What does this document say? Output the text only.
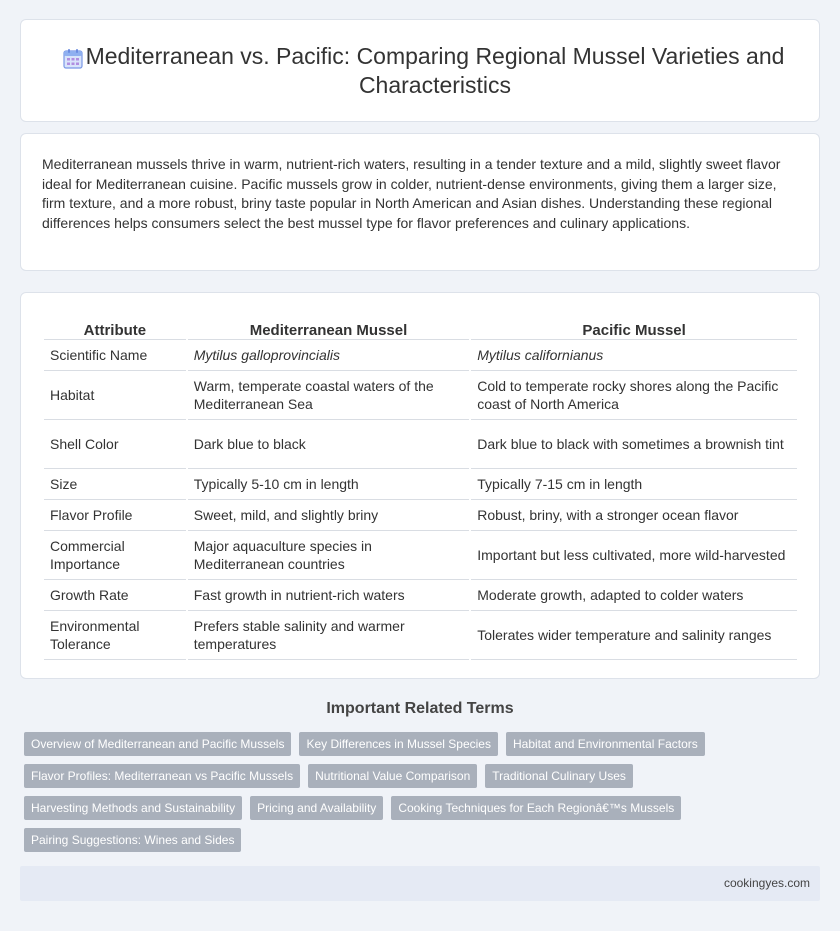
Mediterranean vs. Pacific: Comparing Regional Mussel Varieties and Characteristics

Mediterranean mussels thrive in warm, nutrient-rich waters, resulting in a tender texture and a mild, slightly sweet flavor ideal for Mediterranean cuisine. Pacific mussels grow in colder, nutrient-dense environments, giving them a larger size, firm texture, and a more robust, briny taste popular in North American and Asian dishes. Understanding these regional differences helps consumers select the best mussel type for flavor preferences and culinary applications.

Attribute	Mediterranean Mussel	Pacific Mussel
Scientific Name	Mytilus galloprovincialis	Mytilus californianus
Habitat	Warm, temperate coastal waters of the Mediterranean Sea	Cold to temperate rocky shores along the Pacific coast of North America
Shell Color	Dark blue to black	Dark blue to black with sometimes a brownish tint
Size	Typically 5-10 cm in length	Typically 7-15 cm in length
Flavor Profile	Sweet, mild, and slightly briny	Robust, briny, with a stronger ocean flavor
Commercial Importance	Major aquaculture species in Mediterranean countries	Important but less cultivated, more wild-harvested
Growth Rate	Fast growth in nutrient-rich waters	Moderate growth, adapted to colder waters
Environmental Tolerance	Prefers stable salinity and warmer temperatures	Tolerates wider temperature and salinity ranges
Important Related Terms
Overview of Mediterranean and Pacific Mussels	Key Differences in Mussel Species	Habitat and Environmental Factors
Flavor Profiles: Mediterranean vs Pacific Mussels	Nutritional Value Comparison	Traditional Culinary Uses
Harvesting Methods and Sustainability	Pricing and Availability	Cooking Techniques for Each Regionâ€™s Mussels
Pairing Suggestions: Wines and Sides
cookingyes.com
